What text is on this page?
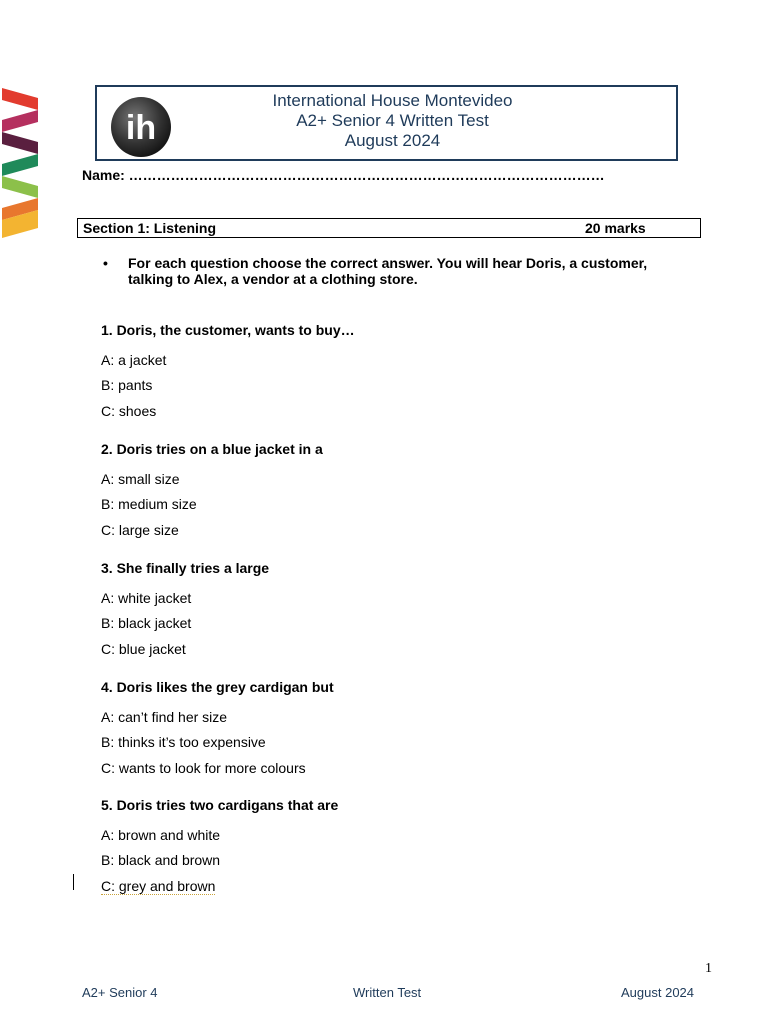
ih
International House Montevideo
A2+ Senior 4 Written Test
August 2024
Name: …………………………………………………………………………………………
Section 1: Listening	20 marks
• For each question choose the correct answer. You will hear Doris, a customer, talking to Alex, a vendor at a clothing store.
1. Doris, the customer, wants to buy…
A: a jacket
B: pants
C: shoes
2. Doris tries on a blue jacket in a
A: small size
B: medium size
C: large size
3. She finally tries a large
A: white jacket
B: black jacket
C: blue jacket
4. Doris likes the grey cardigan but
A: can’t find her size
B: thinks it’s too expensive
C: wants to look for more colours
5. Doris tries two cardigans that are
A: brown and white
B: black and brown
C: grey and brown
1
A2+ Senior 4	Written Test	August 2024
